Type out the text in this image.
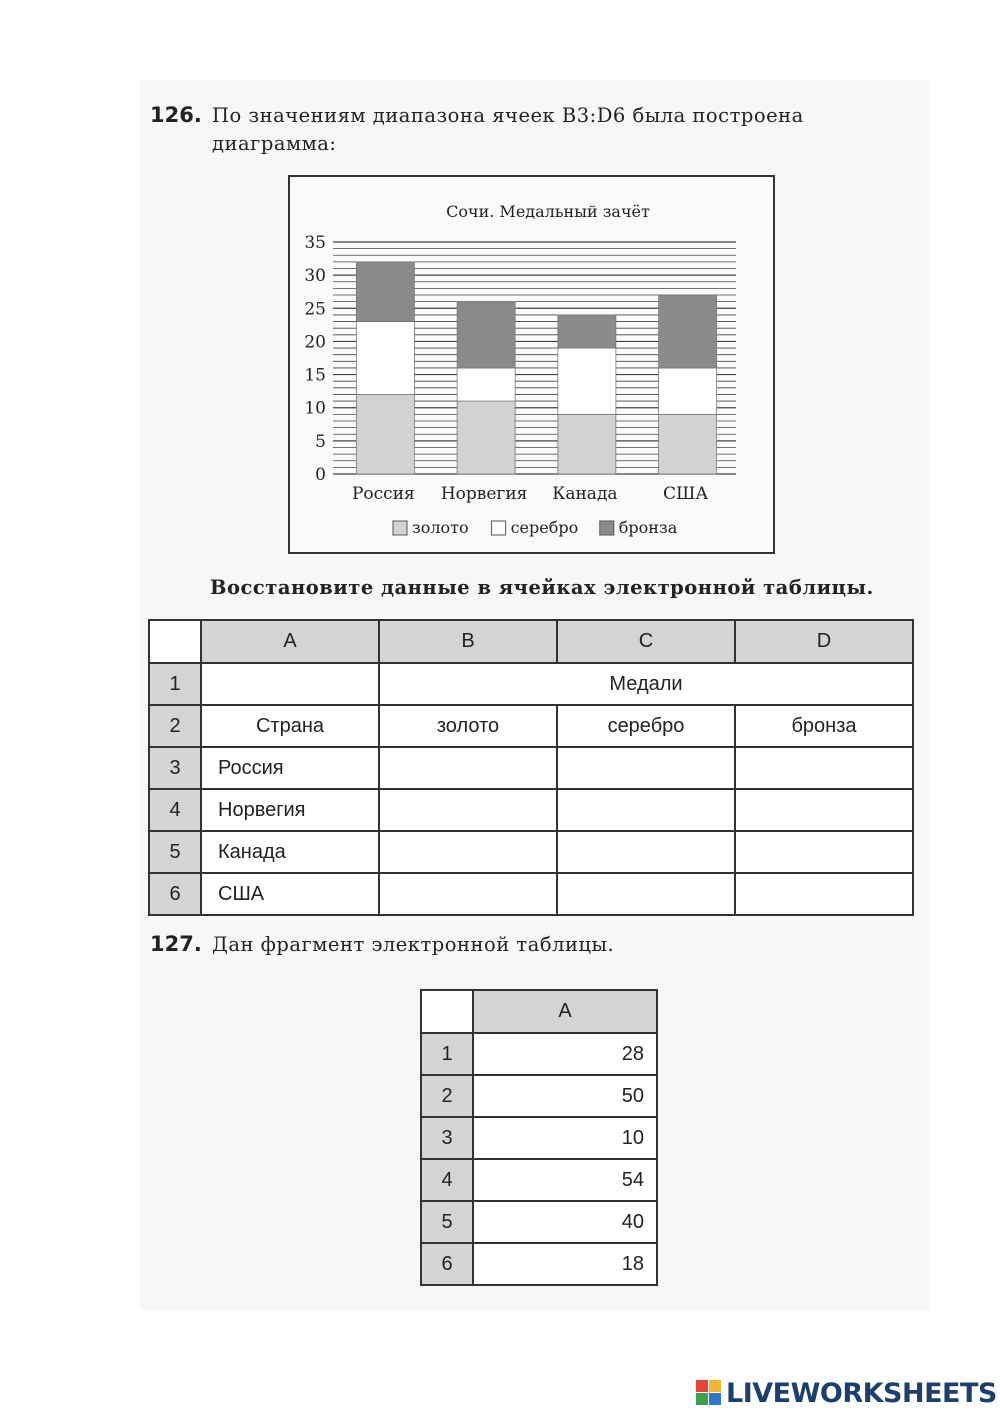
126. По значениям диапазона ячеек B3:D6 была построена
диаграмма:
Сочи. Медальный зачёт
0
5
10
15
20
25
30
35
Россия Норвегия Канада	США
золото	серебро	бронза
Восстановите данные в ячейках электронной таблицы.
	A	B	C	D
1		Медали		
2	Страна	золото	серебро	бронза
3	Россия			
4	Норвегия			
5	Канада			
6	США			
127. Дан фрагмент электронной таблицы.
	A
1	28
2	50
3	10
4	54
5	40
6	18
LIVEWORKSHEETS
